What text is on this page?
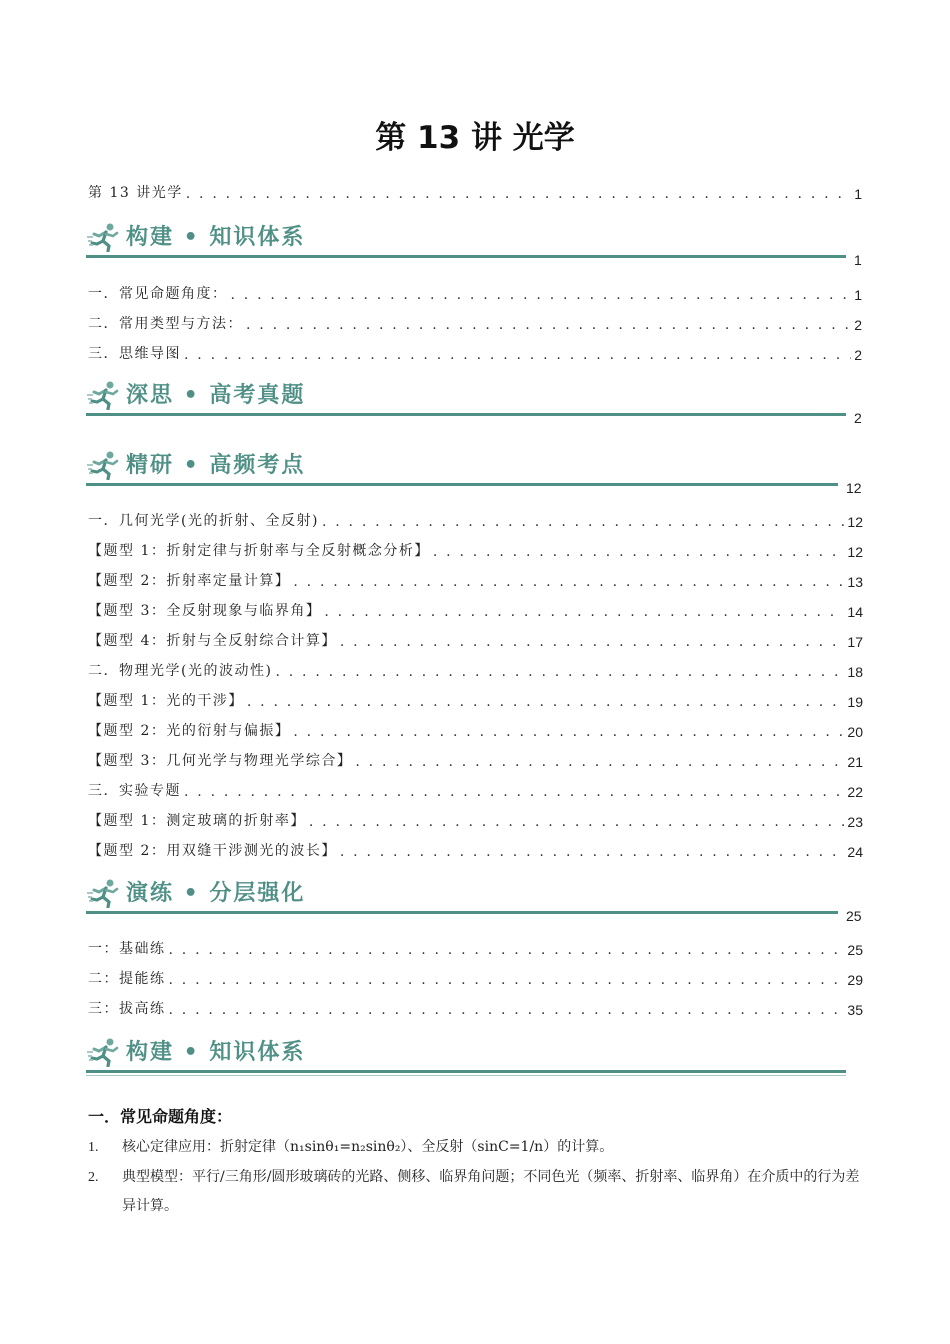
第 13 讲 光学
第 13 讲光学 . . .	1
构建 • 知识体系
1
一．常见命题角度： . . .	1
二．常用类型与方法： . . .	2
三．思维导图 . . .	2
深思 • 高考真题
2
精研 • 高频考点
12
一．几何光学(光的折射、全反射) . . .	12
【题型 1：折射定律与折射率与全反射概念分析】 . . .	12
【题型 2：折射率定量计算】 . . .	13
【题型 3：全反射现象与临界角】 . . .	14
【题型 4：折射与全反射综合计算】 . . .	17
二．物理光学(光的波动性) . . .	18
【题型 1：光的干涉】 . . .	19
【题型 2：光的衍射与偏振】 . . .	20
【题型 3：几何光学与物理光学综合】 . . .	21
三．实验专题 . . .	22
【题型 1：测定玻璃的折射率】 . . .	23
【题型 2：用双缝干涉测光的波长】 . . .	24
演练 • 分层强化
25
一：基础练 . . .	25
二：提能练 . . .	29
三：拔高练 . . .	35
构建 • 知识体系
一．常见命题角度：
1.	核心定律应用：折射定律（n₁sinθ₁=n₂sinθ₂）、全反射（sinC=1/n）的计算。
2.	典型模型：平行/三角形/圆形玻璃砖的光路、侧移、临界角问题；不同色光（频率、折射率、临界角）在介质中的行为差异计算。
